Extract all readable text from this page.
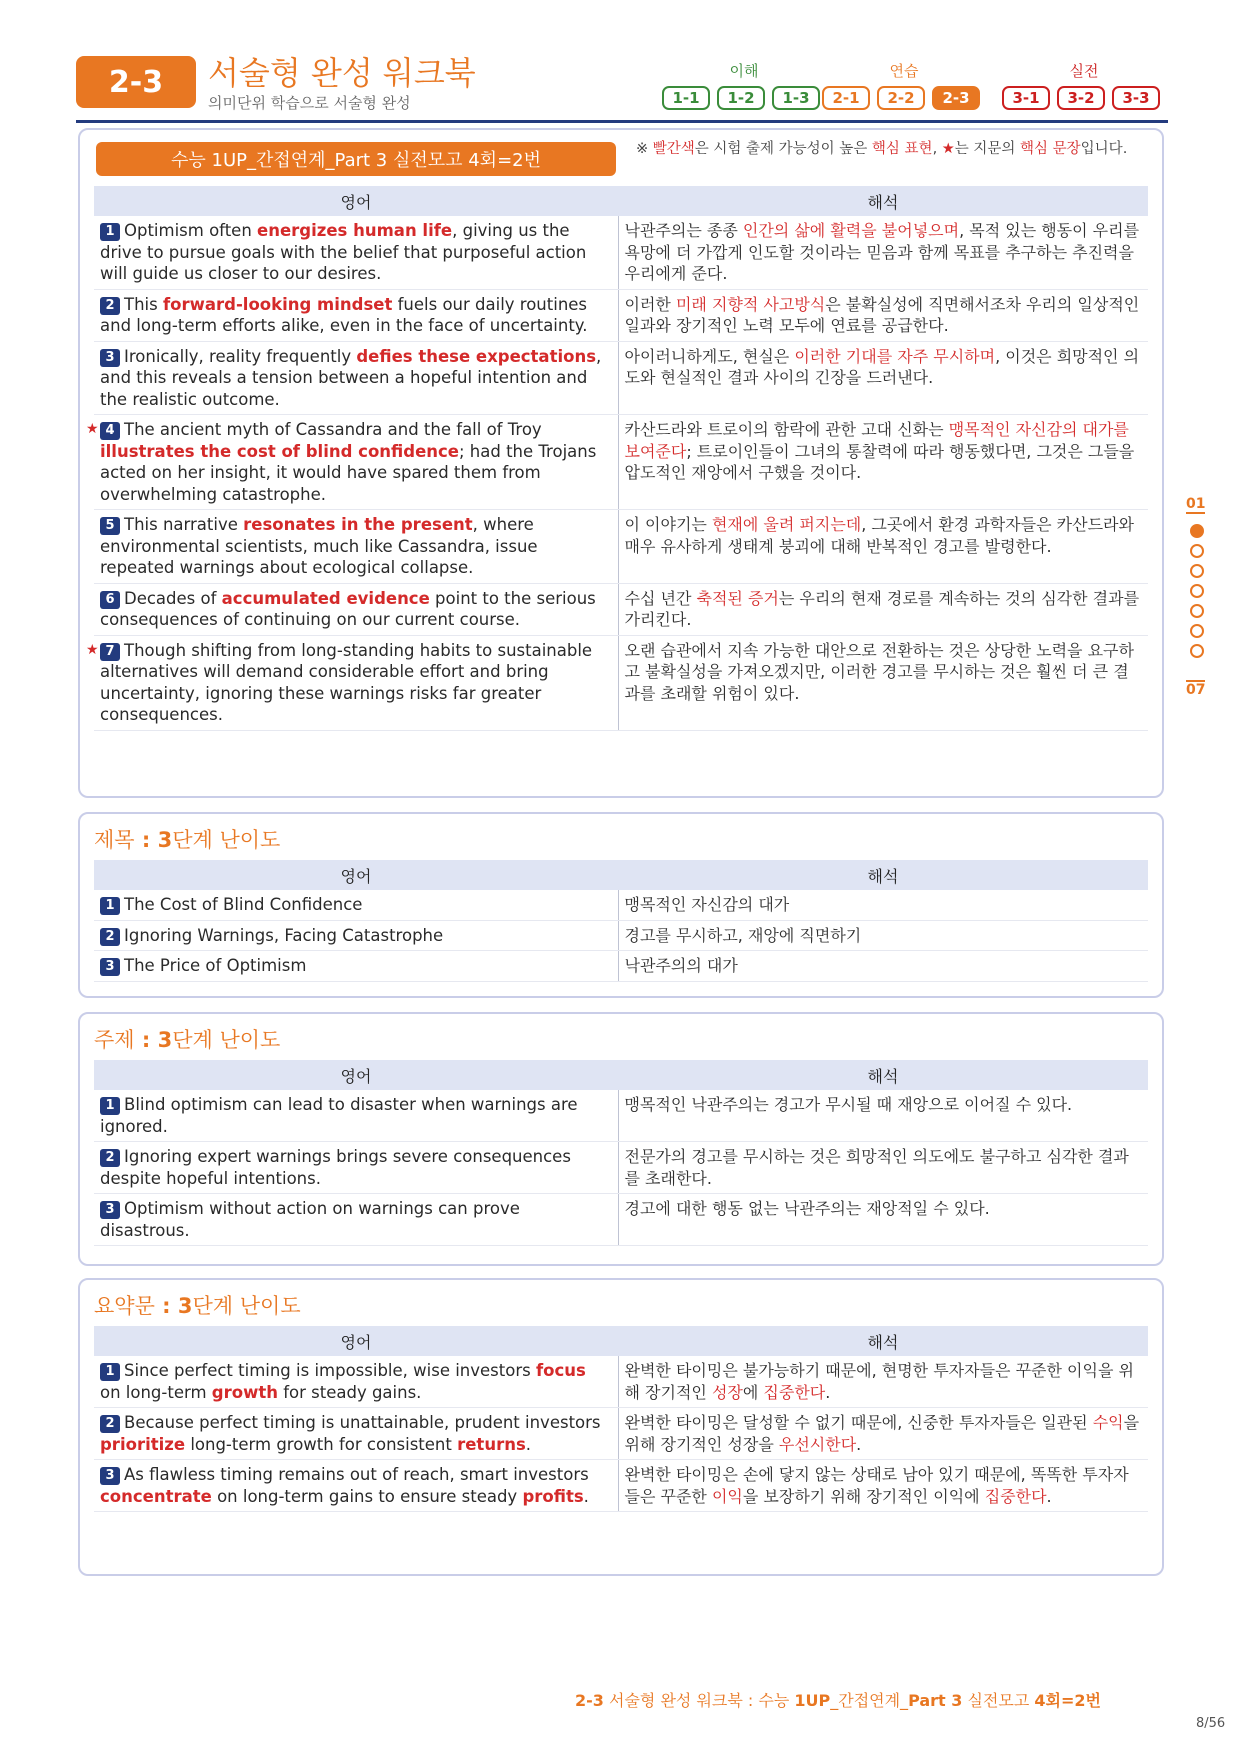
2-3	서술형 완성 워크북
의미단위 학습으로 서술형 완성
이해
1-1	1-2	1-3
연습
2-1	2-2	2-3
실전
3-1	3-2	3-3
수능 1UP_간접연계_Part 3 실전모고 4회=2번
※ 빨간색은 시험 출제 가능성이 높은 핵심 표현, ★는 지문의 핵심 문장입니다.
영어	해석

1 Optimism often energizes human life, giving us the drive to pursue goals with the belief that purposeful action will guide us closer to our desires.	낙관주의는 종종 인간의 삶에 활력을 불어넣으며, 목적 있는 행동이 우리를 욕망에 더 가깝게 인도할 것이라는 믿음과 함께 목표를 추구하는 추진력을 우리에게 준다.

2 This forward-looking mindset fuels our daily routines and long-term efforts alike, even in the face of uncertainty.	이러한 미래 지향적 사고방식은 불확실성에 직면해서조차 우리의 일상적인 일과와 장기적인 노력 모두에 연료를 공급한다.

3 Ironically, reality frequently defies these expectations, and this reveals a tension between a hopeful intention and the realistic outcome.	아이러니하게도, 현실은 이러한 기대를 자주 무시하며, 이것은 희망적인 의도와 현실적인 결과 사이의 긴장을 드러낸다.

★ 4 The ancient myth of Cassandra and the fall of Troy illustrates the cost of blind confidence; had the Trojans acted on her insight, it would have spared them from overwhelming catastrophe.	카산드라와 트로이의 함락에 관한 고대 신화는 맹목적인 자신감의 대가를 보여준다; 트로이인들이 그녀의 통찰력에 따라 행동했다면, 그것은 그들을 압도적인 재앙에서 구했을 것이다.

5 This narrative resonates in the present, where environmental scientists, much like Cassandra, issue repeated warnings about ecological collapse.	이 이야기는 현재에 울려 퍼지는데, 그곳에서 환경 과학자들은 카산드라와 매우 유사하게 생태계 붕괴에 대해 반복적인 경고를 발령한다.

6 Decades of accumulated evidence point to the serious consequences of continuing on our current course.	수십 년간 축적된 증거는 우리의 현재 경로를 계속하는 것의 심각한 결과를 가리킨다.

★ 7 Though shifting from long-standing habits to sustainable alternatives will demand considerable effort and bring uncertainty, ignoring these warnings risks far greater consequences.	오랜 습관에서 지속 가능한 대안으로 전환하는 것은 상당한 노력을 요구하고 불확실성을 가져오겠지만, 이러한 경고를 무시하는 것은 훨씬 더 큰 결과를 초래할 위험이 있다.
제목 : 3단계 난이도
영어	해석

1 The Cost of Blind Confidence	맹목적인 자신감의 대가

2 Ignoring Warnings, Facing Catastrophe	경고를 무시하고, 재앙에 직면하기

3 The Price of Optimism	낙관주의의 대가
주제 : 3단계 난이도
영어	해석

1 Blind optimism can lead to disaster when warnings are ignored.	맹목적인 낙관주의는 경고가 무시될 때 재앙으로 이어질 수 있다.

2 Ignoring expert warnings brings severe consequences despite hopeful intentions.	전문가의 경고를 무시하는 것은 희망적인 의도에도 불구하고 심각한 결과를 초래한다.

3 Optimism without action on warnings can prove disastrous.	경고에 대한 행동 없는 낙관주의는 재앙적일 수 있다.
요약문 : 3단계 난이도
영어	해석

1 Since perfect timing is impossible, wise investors focus on long-term growth for steady gains.	완벽한 타이밍은 불가능하기 때문에, 현명한 투자자들은 꾸준한 이익을 위해 장기적인 성장에 집중한다.

2 Because perfect timing is unattainable, prudent investors prioritize long-term growth for consistent returns.	완벽한 타이밍은 달성할 수 없기 때문에, 신중한 투자자들은 일관된 수익을 위해 장기적인 성장을 우선시한다.

3 As flawless timing remains out of reach, smart investors concentrate on long-term gains to ensure steady profits.	완벽한 타이밍은 손에 닿지 않는 상태로 남아 있기 때문에, 똑똑한 투자자들은 꾸준한 이익을 보장하기 위해 장기적인 이익에 집중한다.
01
07
2-3 서술형 완성 워크북 : 수능 1UP_간접연계_Part 3 실전모고 4회=2번
8/56
